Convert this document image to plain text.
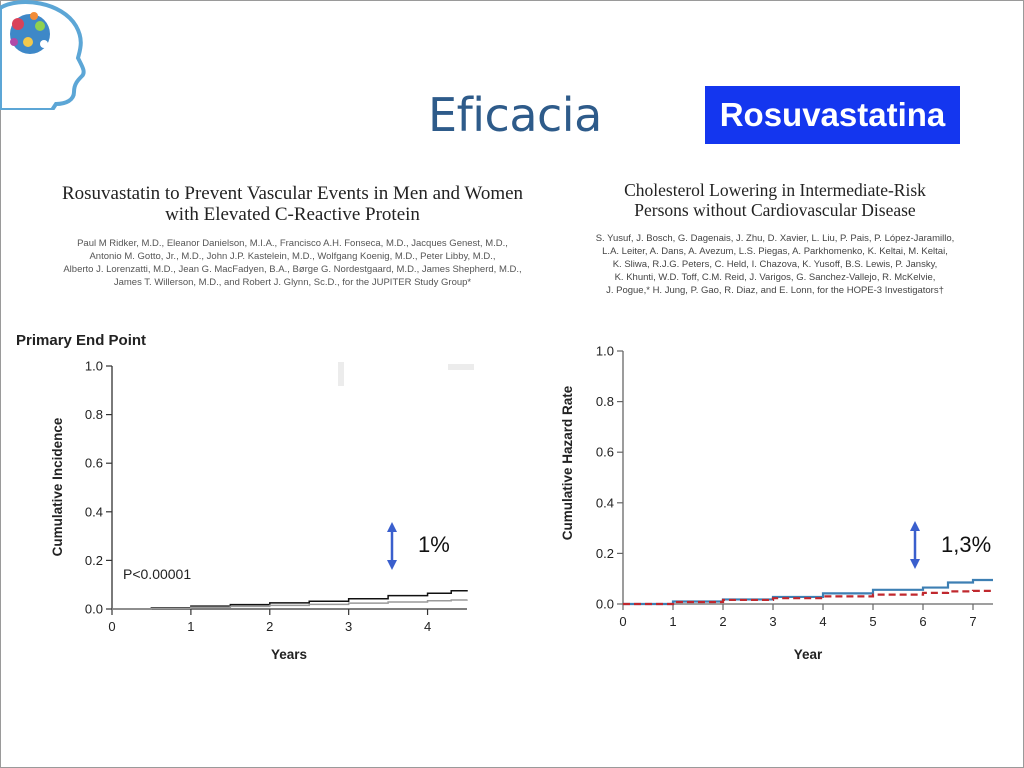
Eficacia	Rosuvastatina
Rosuvastatin to Prevent Vascular Events in Men and Women
with Elevated C-Reactive Protein
Paul M Ridker, M.D., Eleanor Danielson, M.I.A., Francisco A.H. Fonseca, M.D., Jacques Genest, M.D.,
Antonio M. Gotto, Jr., M.D., John J.P. Kastelein, M.D., Wolfgang Koenig, M.D., Peter Libby, M.D.,
Alberto J. Lorenzatti, M.D., Jean G. MacFadyen, B.A., Børge G. Nordestgaard, M.D., James Shepherd, M.D.,
James T. Willerson, M.D., and Robert J. Glynn, Sc.D., for the JUPITER Study Group*
Cholesterol Lowering in Intermediate-Risk
Persons without Cardiovascular Disease
S. Yusuf, J. Bosch, G. Dagenais, J. Zhu, D. Xavier, L. Liu, P. Pais, P. López-Jaramillo,
L.A. Leiter, A. Dans, A. Avezum, L.S. Piegas, A. Parkhomenko, K. Keltai, M. Keltai,
K. Sliwa, R.J.G. Peters, C. Held, I. Chazova, K. Yusoff, B.S. Lewis, P. Jansky,
K. Khunti, W.D. Toff, C.M. Reid, J. Varigos, G. Sanchez-Vallejo, R. McKelvie,
J. Pogue,* H. Jung, P. Gao, R. Diaz, and E. Lonn, for the HOPE-3 Investigators†
0.0
0.2
0.4
0.6
0.8
1.0
0	1	2	3	4
Years
Cumulative Incidence
Primary End Point
P<0.00001
1%
0.0
0.2
0.4
0.6
0.8
1.0
0	1	2	3	4	5	6	7
Year
Cumulative Hazard Rate
1,3%
